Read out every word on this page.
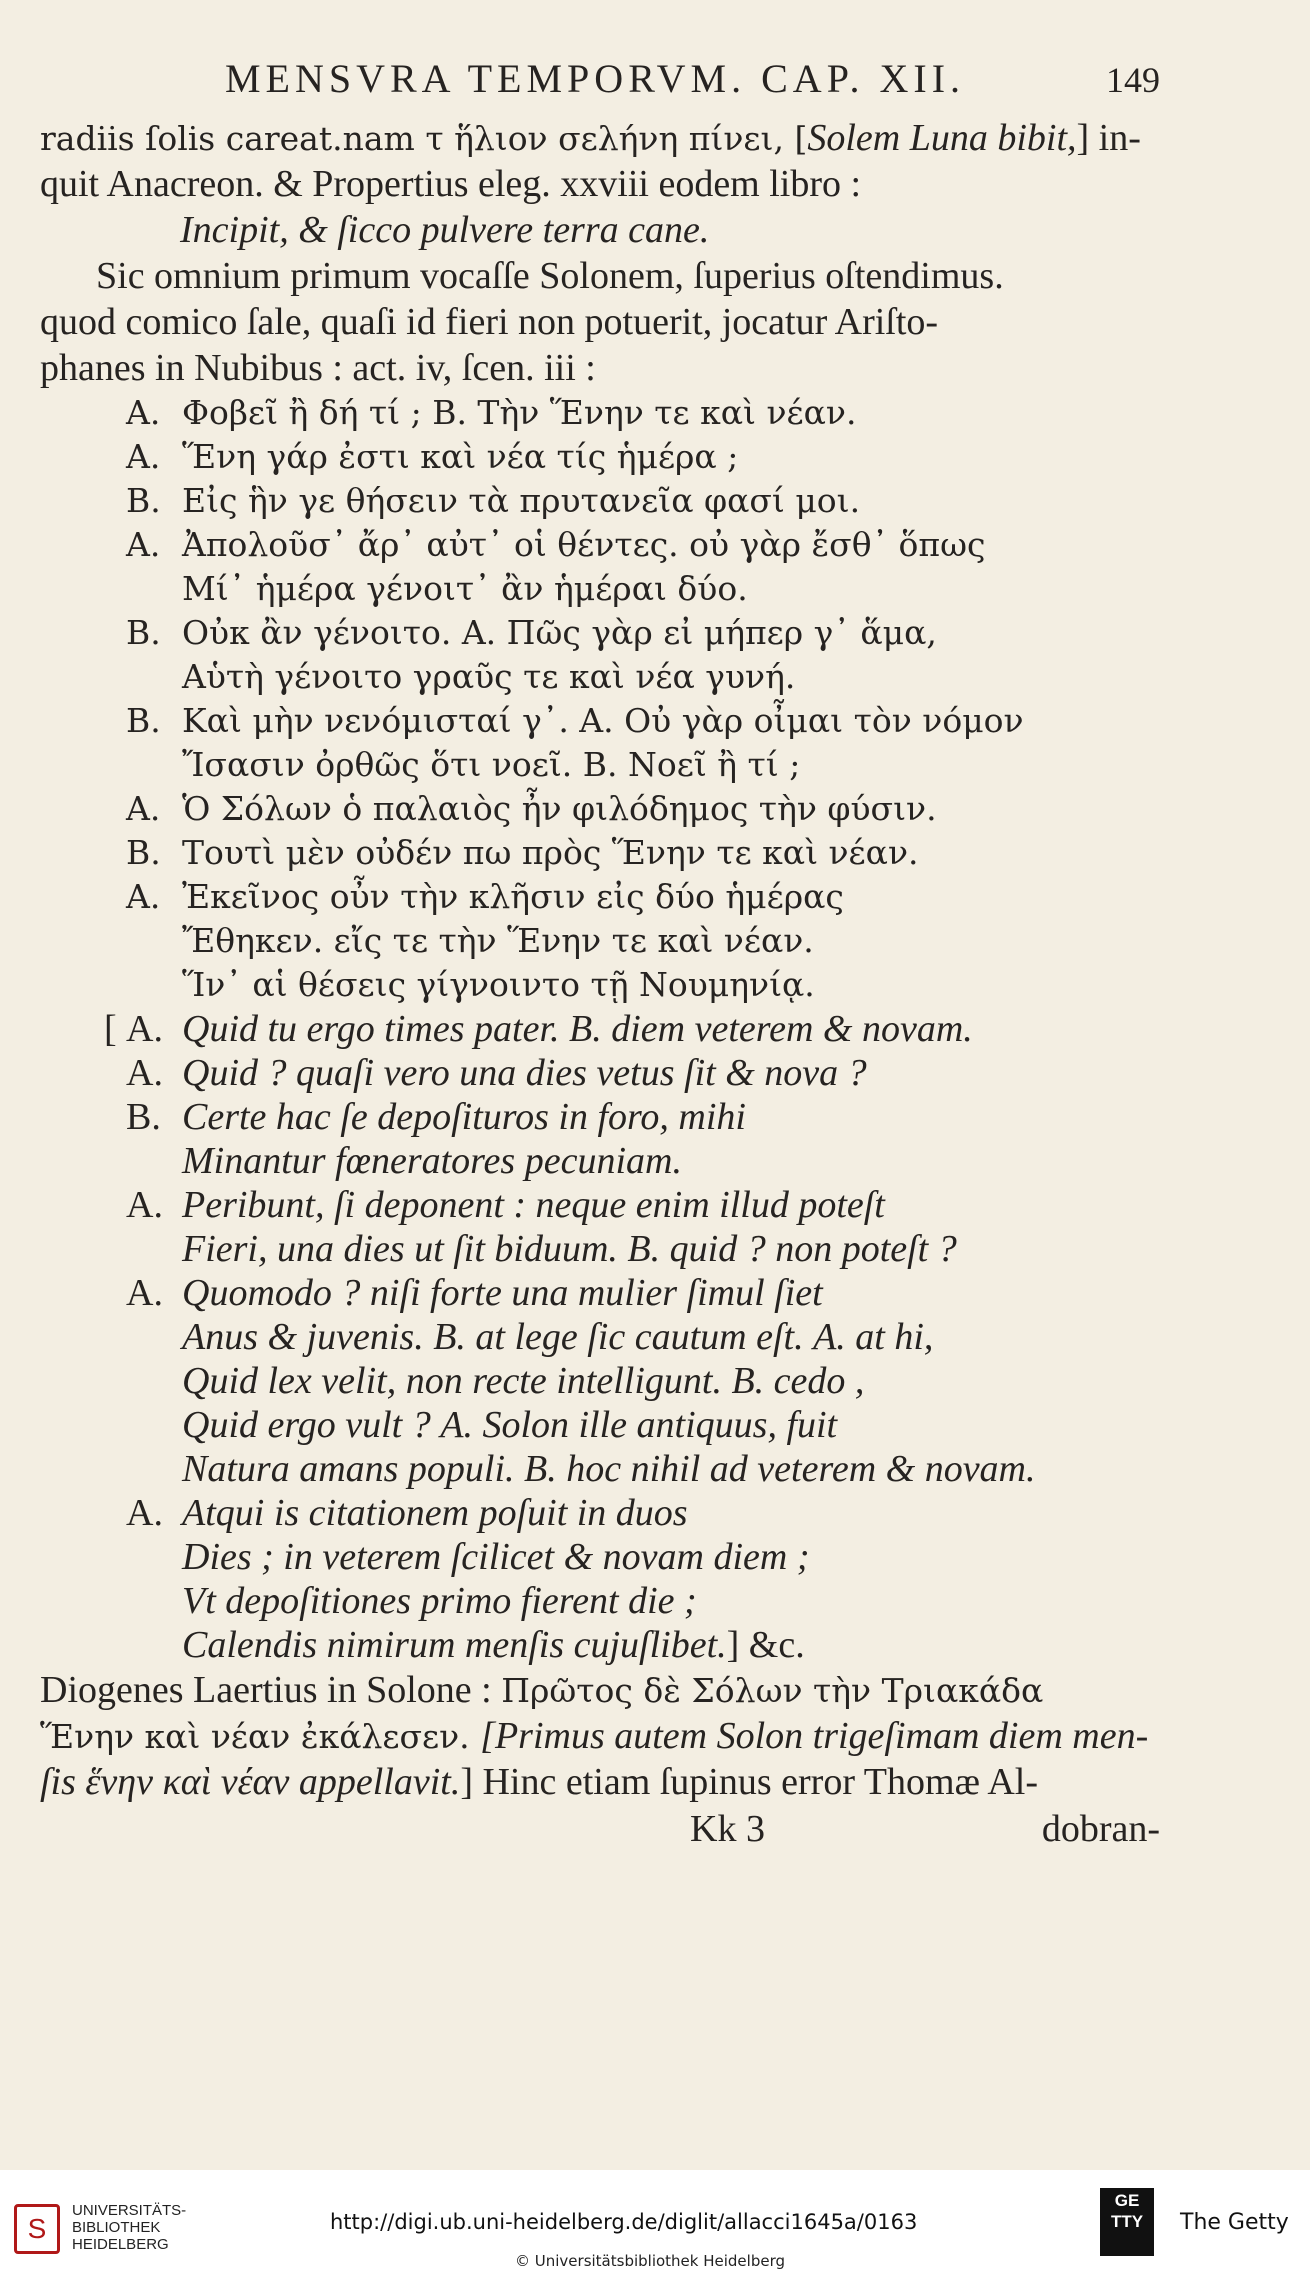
MENSVRA TEMPORVM. CAP. XII.	149
radiis ſolis careat.nam τ ἥλιον σελήνη πίνει, [Solem Luna bibit,] in-
quit Anacreon. & Propertius eleg. xxviii eodem libro :
Incipit, & ſicco pulvere terra cane.
Sic omnium primum vocaſſe Solonem, ſuperius oſtendimus.
quod comico ſale, quaſi id fieri non potuerit, jocatur Ariſto-
phanes in Nubibus : act. iv, ſcen. iii :
A. Φοβεῖ ἢ δή τί ; Β. Τὴν Ἕνην τε καὶ νέαν.
A. Ἕνη γάρ ἐστι καὶ νέα τίς ἡμέρα ;
B. Εἰς ἣν γε θήσειν τὰ πρυτανεῖα φασί μοι.
A. Ἀπολοῦσ᾽ ἄρ᾽ αὐτ᾽ οἱ θέντες. οὐ γὰρ ἔσθ᾽ ὅπως
Μί᾽ ἡμέρα γένοιτ᾽ ἂν ἡμέραι δύο.
B. Οὐκ ἂν γένοιτο. Α. Πῶς γὰρ εἰ μήπερ γ᾽ ἅμα,
Αὑτὴ γένοιτο γραῦς τε καὶ νέα γυνή.
B. Καὶ μὴν νενόμισταί γ᾽. Α. Οὐ γὰρ οἶμαι τὸν νόμον
Ἴσασιν ὀρθῶς ὅτι νοεῖ. Β. Νοεῖ ἢ τί ;
A. Ὁ Σόλων ὁ παλαιὸς ἦν φιλόδημος τὴν φύσιν.
B. Τουτὶ μὲν οὐδέν πω πρὸς Ἕνην τε καὶ νέαν.
A. Ἐκεῖνος οὖν τὴν κλῆσιν εἰς δύο ἡμέρας
Ἔθηκεν. εἴς τε τὴν Ἕνην τε καὶ νέαν.
Ἵν᾽ αἱ θέσεις γίγνοιντο τῇ Νουμηνίᾳ.
[ A. Quid tu ergo times pater. Β. diem veterem & novam.
A. Quid ? quaſi vero una dies vetus ſit & nova ?
B. Certe hac ſe depoſituros in foro, mihi
Minantur fœneratores pecuniam.
A. Peribunt, ſi deponent : neque enim illud poteſt
Fieri, una dies ut ſit biduum. Β. quid ? non poteſt ?
A. Quomodo ? niſi forte una mulier ſimul ſiet
Anus & juvenis. Β. at lege ſic cautum eſt. Α. at hi,
Quid lex velit, non recte intelligunt. Β. cedo ,
Quid ergo vult ? Α. Solon ille antiquus, fuit
Natura amans populi. Β. hoc nihil ad veterem & novam.
A. Atqui is citationem poſuit in duos
Dies ; in veterem ſcilicet & novam diem ;
Vt depoſitiones primo fierent die ;
Calendis nimirum menſis cujuſlibet.] &c.
Diogenes Laertius in Solone : Πρῶτος δὲ Σόλων τὴν Τριακάδα
Ἕνην καὶ νέαν ἐκάλεσεν. [Primus autem Solon trigeſimam diem men-
ſis ἕνην καὶ νέαν appellavit.] Hinc etiam ſupinus error Thomæ Al-
Kk 3	dobran-
S
UNIVERSITÄTS-
BIBLIOTHEK
HEIDELBERG
http://digi.ub.uni-heidelberg.de/diglit/allacci1645a/0163
© Universitätsbibliothek Heidelberg
GE
TTY	The Getty
